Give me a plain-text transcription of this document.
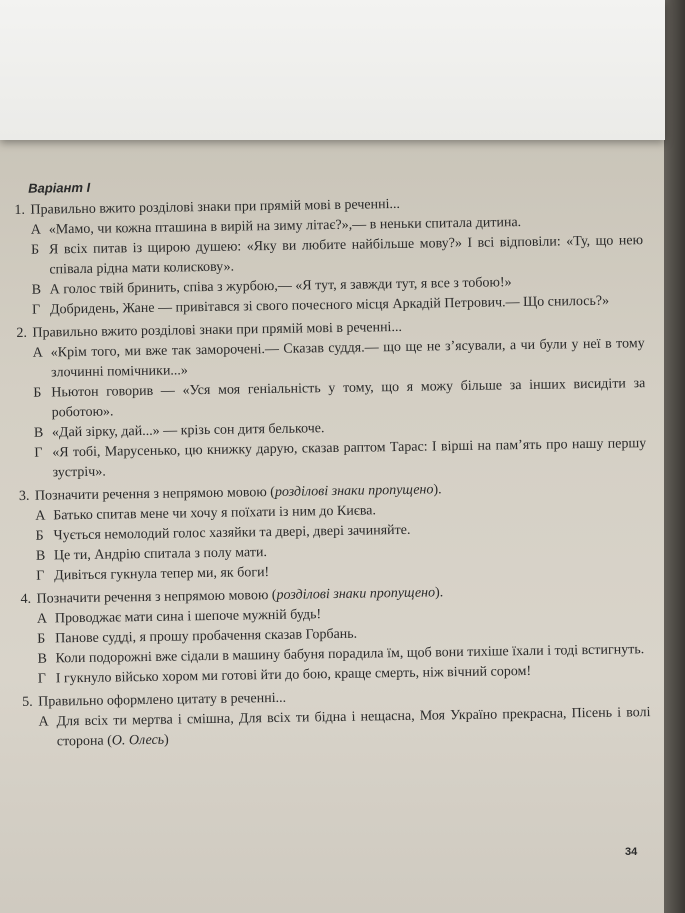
Варіант І
1. Правильно вжито розділові знаки при прямій мові в реченні...
А «Мамо, чи кожна пташина в вирій на зиму літає?»,— в неньки спитала дитина.
Б Я всіх питав із щирою душею: «Яку ви любите найбільше мову?» І всі відповіли: «Ту, що нею співала рідна мати колискову».
В А голос твій бринить, співа з журбою,— «Я тут, я завжди тут, я все з тобою!»
Г Добридень, Жане — привітався зі свого почесного місця Аркадій Петрович.— Що снилось?»
2. Правильно вжито розділові знаки при прямій мові в реченні...
А «Крім того, ми вже так заморочені.— Сказав суддя.— що ще не з’ясували, а чи були у неї в тому злочинні помічники...»
Б Ньютон говорив — «Уся моя геніальність у тому, що я можу більше за інших висидіти за роботою».
В «Дай зірку, дай...» — крізь сон дитя белькоче.
Г «Я тобі, Марусенько, цю книжку дарую, сказав раптом Тарас: І вірші на пам’ять про нашу першу зустріч».
3. Позначити речення з непрямою мовою (розділові знаки пропущено).
А Батько спитав мене чи хочу я поїхати із ним до Києва.
Б Чується немолодий голос хазяйки та двері, двері зачиняйте.
В Це ти, Андрію спитала з полу мати.
Г Дивіться гукнула тепер ми, як боги!
4. Позначити речення з непрямою мовою (розділові знаки пропущено).
А Проводжає мати сина і шепоче мужній будь!
Б Панове судді, я прошу пробачення сказав Горбань.
В Коли подорожні вже сідали в машину бабуня порадила їм, щоб вони тихіше їхали і тоді встигнуть.
Г І гукнуло військо хором ми готові йти до бою, краще смерть, ніж вічний сором!
5. Правильно оформлено цитату в реченні...
А Для всіх ти мертва і смішна, Для всіх ти бідна і нещасна, Моя Україно прекрасна, Пісень і волі сторона (О. Олесь)
34
